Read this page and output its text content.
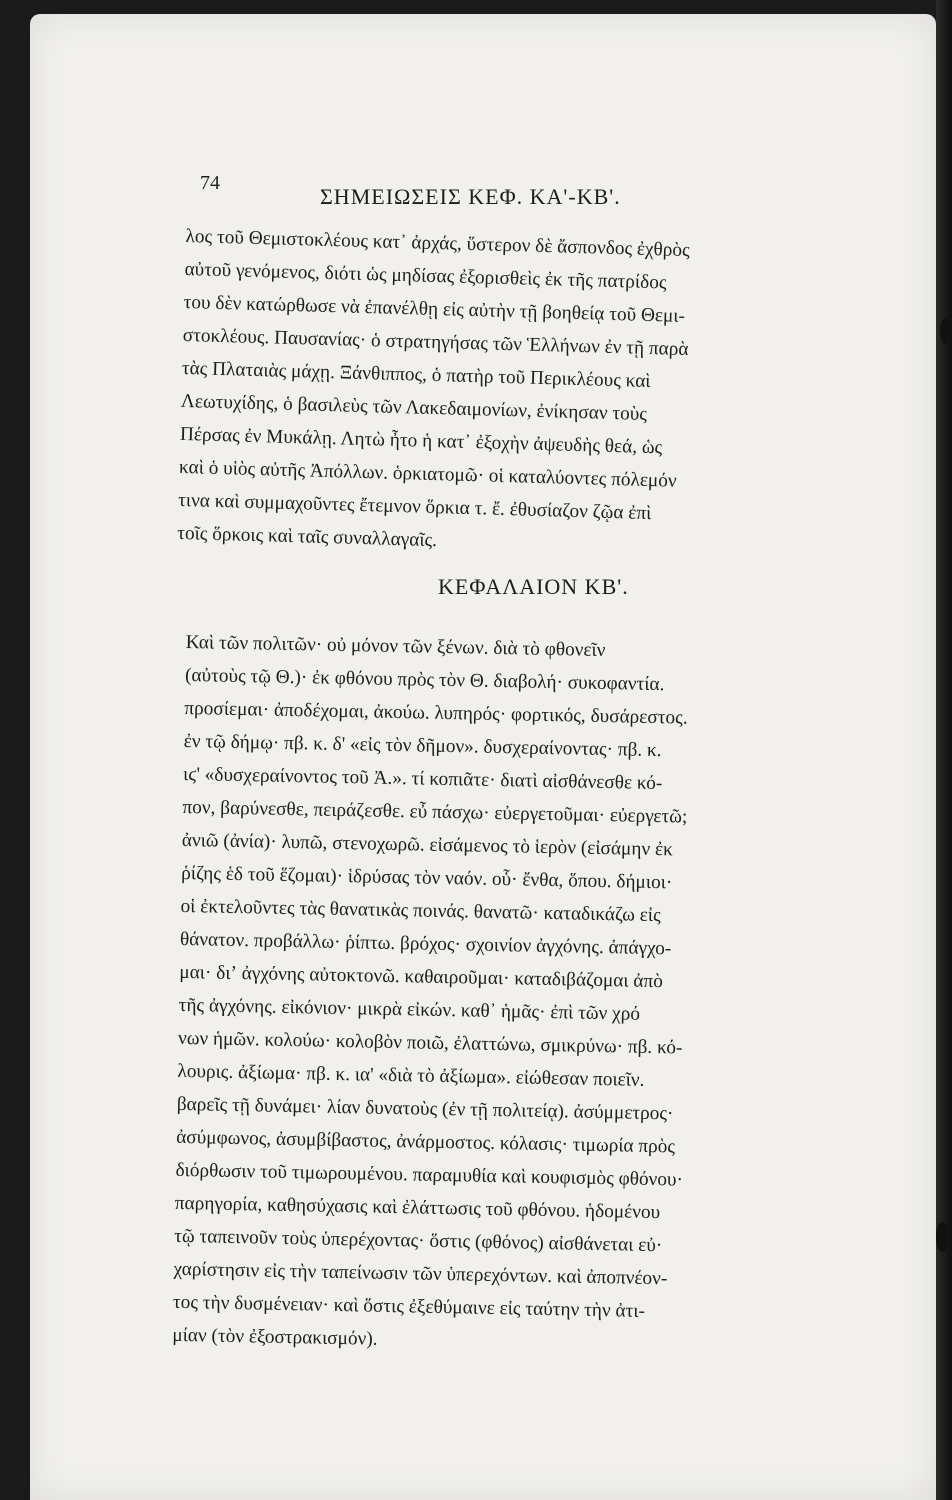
74
ΣΗΜΕΙΩΣΕΙΣ ΚΕΦ. ΚΑ'-ΚΒ'.
λος τοῦ Θεμιστοκλέους κατ᾽ ἀρχάς, ὕστερον δὲ ἄσπονδος ἐχθρὸς
αὐτοῦ γενόμενος, διότι ὡς μηδίσας ἐξορισθεὶς ἐκ τῆς πατρίδος
του δὲν κατώρθωσε νὰ ἐπανέλθῃ εἰς αὐτὴν τῇ βοηθείᾳ τοῦ Θεμι-
στοκλέους. Παυσανίας· ὁ στρατηγήσας τῶν Ἑλλήνων ἐν τῇ παρὰ
τὰς Πλαταιὰς μάχῃ. Ξάνθιππος, ὁ πατὴρ τοῦ Περικλέους καὶ
Λεωτυχίδης, ὁ βασιλεὺς τῶν Λακεδαιμονίων, ἐνίκησαν τοὺς
Πέρσας ἐν Μυκάλῃ. Λητὼ ἦτο ἡ κατ᾽ ἐξοχὴν ἀψευδὴς θεά, ὡς
καὶ ὁ υἱὸς αὐτῆς Ἀπόλλων. ὁρκιατομῶ· οἱ καταλύοντες πόλεμόν
τινα καὶ συμμαχοῦντες ἔτεμνον ὅρκια τ. ἔ. ἐθυσίαζον ζῷα ἐπὶ
τοῖς ὅρκοις καὶ ταῖς συναλλαγαῖς.
ΚΕΦΑΛΑΙΟΝ ΚΒ'.
Καὶ τῶν πολιτῶν· οὐ μόνον τῶν ξένων. διὰ τὸ φθονεῖν
(αὐτοὺς τῷ Θ.)· ἐκ φθόνου πρὸς τὸν Θ. διαβολή· συκοφαντία.
προσίεμαι· ἀποδέχομαι, ἀκούω. λυπηρός· φορτικός, δυσάρεστος.
ἐν τῷ δήμῳ· πβ. κ. δ' «εἰς τὸν δῆμον». δυσχεραίνοντας· πβ. κ.
ιϛ' «δυσχεραίνοντος τοῦ Ἀ.». τί κοπιᾶτε· διατὶ αἰσθάνεσθε κό-
πον, βαρύνεσθε, πειράζεσθε. εὖ πάσχω· εὐεργετοῦμαι· εὐεργετῶ;
ἀνιῶ (ἀνία)· λυπῶ, στενοχωρῶ. εἰσάμενος τὸ ἱερὸν (εἰσάμην ἐκ
ῥίζης ἑδ τοῦ ἕζομαι)· ἱδρύσας τὸν ναόν. οὗ· ἔνθα, ὅπου. δήμιοι·
οἱ ἐκτελοῦντες τὰς θανατικὰς ποινάς. θανατῶ· καταδικάζω εἰς
θάνατον. προβάλλω· ῥίπτω. βρόχος· σχοινίον ἀγχόνης. ἀπάγχο-
μαι· διʼ ἀγχόνης αὐτοκτονῶ. καθαιροῦμαι· καταδιβάζομαι ἀπὸ
τῆς ἀγχόνης. εἰκόνιον· μικρὰ εἰκών. καθ᾽ ἡμᾶς· ἐπὶ τῶν χρό
νων ἡμῶν. κολούω· κολοβὸν ποιῶ, ἐλαττώνω, σμικρύνω· πβ. κό-
λουρις. ἀξίωμα· πβ. κ. ια' «διὰ τὸ ἀξίωμα». εἰώθεσαν ποιεῖν.
βαρεῖς τῇ δυνάμει· λίαν δυνατοὺς (ἐν τῇ πολιτείᾳ). ἀσύμμετρος·
ἀσύμφωνος, ἀσυμβίβαστος, ἀνάρμοστος. κόλασις· τιμωρία πρὸς
διόρθωσιν τοῦ τιμωρουμένου. παραμυθία καὶ κουφισμὸς φθόνου·
παρηγορία, καθησύχασις καὶ ἐλάττωσις τοῦ φθόνου. ἡδομένου
τῷ ταπεινοῦν τοὺς ὑπερέχοντας· ὅστις (φθόνος) αἰσθάνεται εὐ·
χαρίστησιν εἰς τὴν ταπείνωσιν τῶν ὑπερεχόντων. καὶ ἀποπνέον-
τος τὴν δυσμένειαν· καὶ ὅστις ἐξεθύμαινε εἰς ταύτην τὴν ἀτι-
μίαν (τὸν ἐξοστρακισμόν).
